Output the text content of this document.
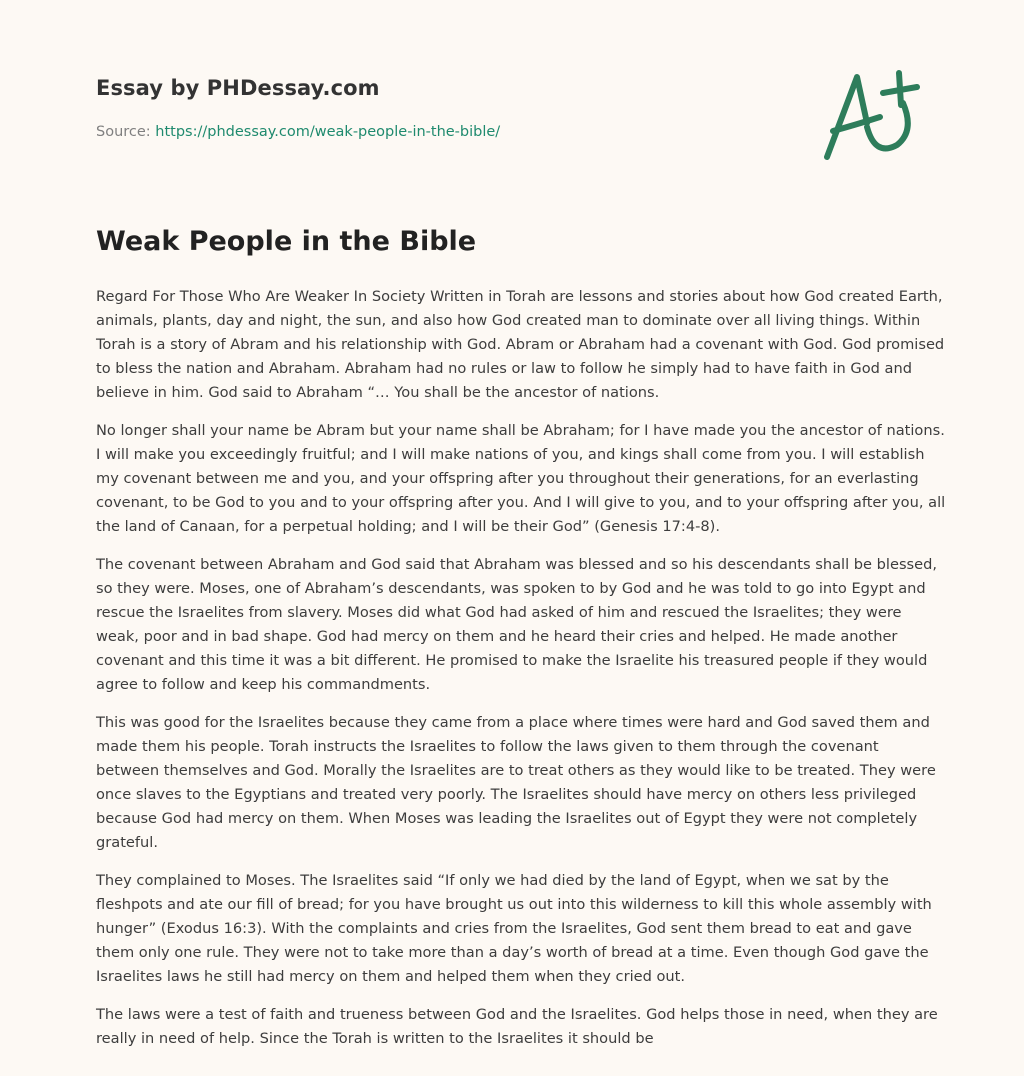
Essay by PHDessay.com
Source: https://phdessay.com/weak-people-in-the-bible/
Weak People in the Bible

Regard For Those Who Are Weaker In Society Written in Torah are lessons and stories about how God created Earth, animals, plants, day and night, the sun, and also how God created man to dominate over all living things. Within Torah is a story of Abram and his relationship with God. Abram or Abraham had a covenant with God. God promised to bless the nation and Abraham. Abraham had no rules or law to follow he simply had to have faith in God and believe in him. God said to Abraham “… You shall be the ancestor of nations.

No longer shall your name be Abram but your name shall be Abraham; for I have made you the ancestor of nations. I will make you exceedingly fruitful; and I will make nations of you, and kings shall come from you. I will establish my covenant between me and you, and your offspring after you throughout their generations, for an everlasting covenant, to be God to you and to your offspring after you. And I will give to you, and to your offspring after you, all the land of Canaan, for a perpetual holding; and I will be their God” (Genesis 17:4-8).

The covenant between Abraham and God said that Abraham was blessed and so his descendants shall be blessed, so they were. Moses, one of Abraham’s descendants, was spoken to by God and he was told to go into Egypt and rescue the Israelites from slavery. Moses did what God had asked of him and rescued the Israelites; they were weak, poor and in bad shape. God had mercy on them and he heard their cries and helped. He made another covenant and this time it was a bit different. He promised to make the Israelite his treasured people if they would agree to follow and keep his commandments.

This was good for the Israelites because they came from a place where times were hard and God saved them and made them his people. Torah instructs the Israelites to follow the laws given to them through the covenant between themselves and God. Morally the Israelites are to treat others as they would like to be treated. They were once slaves to the Egyptians and treated very poorly. The Israelites should have mercy on others less privileged because God had mercy on them. When Moses was leading the Israelites out of Egypt they were not completely grateful.

They complained to Moses. The Israelites said “If only we had died by the land of Egypt, when we sat by the fleshpots and ate our fill of bread; for you have brought us out into this wilderness to kill this whole assembly with hunger” (Exodus 16:3). With the complaints and cries from the Israelites, God sent them bread to eat and gave them only one rule. They were not to take more than a day’s worth of bread at a time. Even though God gave the Israelites laws he still had mercy on them and helped them when they cried out.

The laws were a test of faith and trueness between God and the Israelites. God helps those in need, when they are really in need of help. Since the Torah is written to the Israelites it should be
